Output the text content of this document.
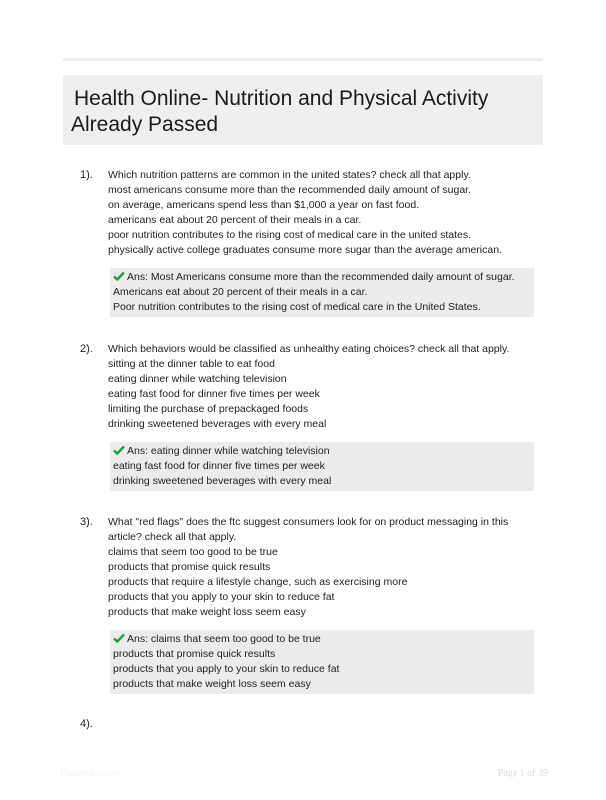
Health Online- Nutrition and Physical Activity
Already Passed
1). Which nutrition patterns are common in the united states? check all that apply.
most americans consume more than the recommended daily amount of sugar.
on average, americans spend less than $1,000 a year on fast food.
americans eat about 20 percent of their meals in a car.
poor nutrition contributes to the rising cost of medical care in the united states.
physically active college graduates consume more sugar than the average american.
Ans: Most Americans consume more than the recommended daily amount of sugar.
Americans eat about 20 percent of their meals in a car.
Poor nutrition contributes to the rising cost of medical care in the United States.
2). Which behaviors would be classified as unhealthy eating choices? check all that apply.
sitting at the dinner table to eat food
eating dinner while watching television
eating fast food for dinner five times per week
limiting the purchase of prepackaged foods
drinking sweetened beverages with every meal
Ans: eating dinner while watching television
eating fast food for dinner five times per week
drinking sweetened beverages with every meal
3). What "red flags" does the ftc suggest consumers look for on product messaging in this article? check all that apply.
claims that seem too good to be true
products that promise quick results
products that require a lifestyle change, such as exercising more
products that you apply to your skin to reduce fat
products that make weight loss seem easy
Ans: claims that seem too good to be true
products that promise quick results
products that you apply to your skin to reduce fat
products that make weight loss seem easy
4).
Papertutor.com	Page 1 of 39
